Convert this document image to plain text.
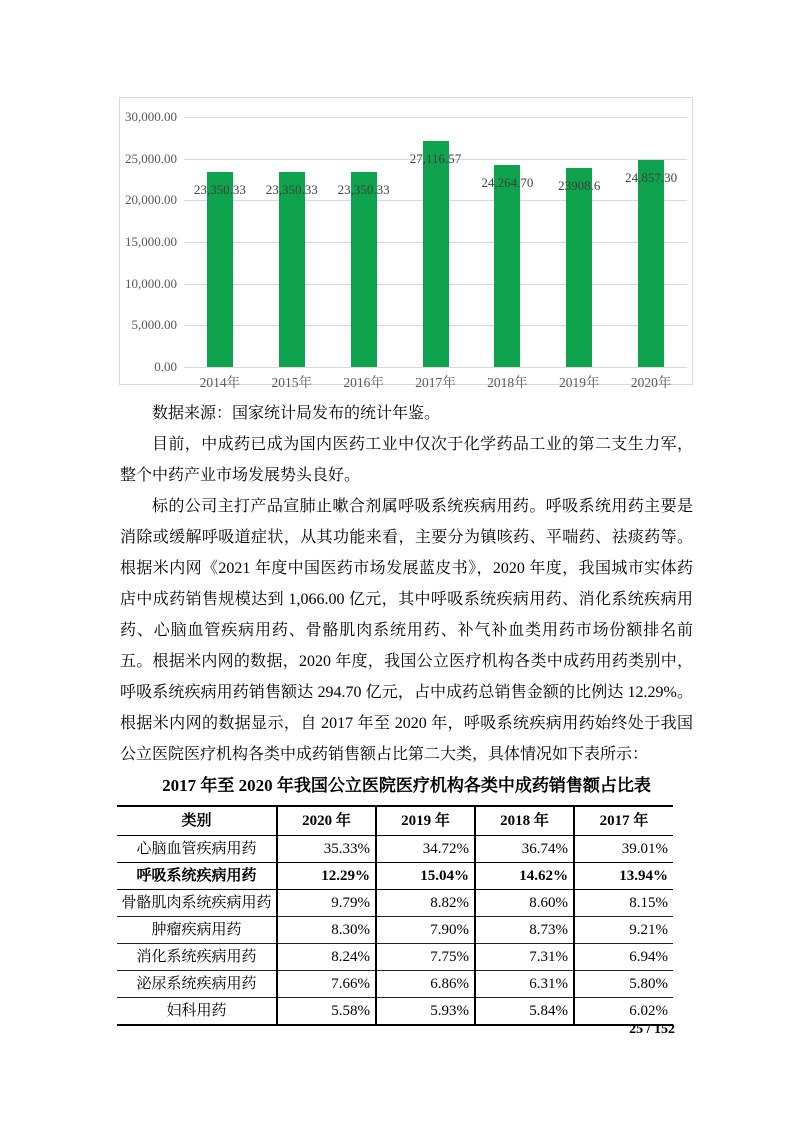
30,000.00
25,000.00
20,000.00
15,000.00
10,000.00
5,000.00
0.00
23,350.33	23,350.33	23,350.33
27,116.57
24,264.70	23908.6
24,857.30
2014年	2015年	2016年	2017年	2018年	2019年	2020年

数据来源：国家统计局发布的统计年鉴。

目前，中成药已成为国内医药工业中仅次于化学药品工业的第二支生力军，整个中药产业市场发展势头良好。

标的公司主打产品宣肺止嗽合剂属呼吸系统疾病用药。呼吸系统用药主要是消除或缓解呼吸道症状，从其功能来看，主要分为镇咳药、平喘药、祛痰药等。根据米内网《2021 年度中国医药市场发展蓝皮书》，2020 年度，我国城市实体药店中成药销售规模达到 1,066.00 亿元，其中呼吸系统疾病用药、消化系统疾病用药、心脑血管疾病用药、骨骼肌肉系统用药、补气补血类用药市场份额排名前五。根据米内网的数据，2020 年度，我国公立医疗机构各类中成药用药类别中，呼吸系统疾病用药销售额达 294.70 亿元，占中成药总销售金额的比例达 12.29%。根据米内网的数据显示，自 2017 年至 2020 年，呼吸系统疾病用药始终处于我国公立医院医疗机构各类中成药销售额占比第二大类，具体情况如下表所示：

2017 年至 2020 年我国公立医院医疗机构各类中成药销售额占比表

类别	2020 年	2019 年	2018 年	2017 年
心脑血管疾病用药	35.33%	34.72%	36.74%	39.01%
呼吸系统疾病用药	12.29%	15.04%	14.62%	13.94%
骨骼肌肉系统疾病用药	9.79%	8.82%	8.60%	8.15%
肿瘤疾病用药	8.30%	7.90%	8.73%	9.21%
消化系统疾病用药	8.24%	7.75%	7.31%	6.94%
泌尿系统疾病用药	7.66%	6.86%	6.31%	5.80%
妇科用药	5.58%	5.93%	5.84%	6.02%
25 / 152
